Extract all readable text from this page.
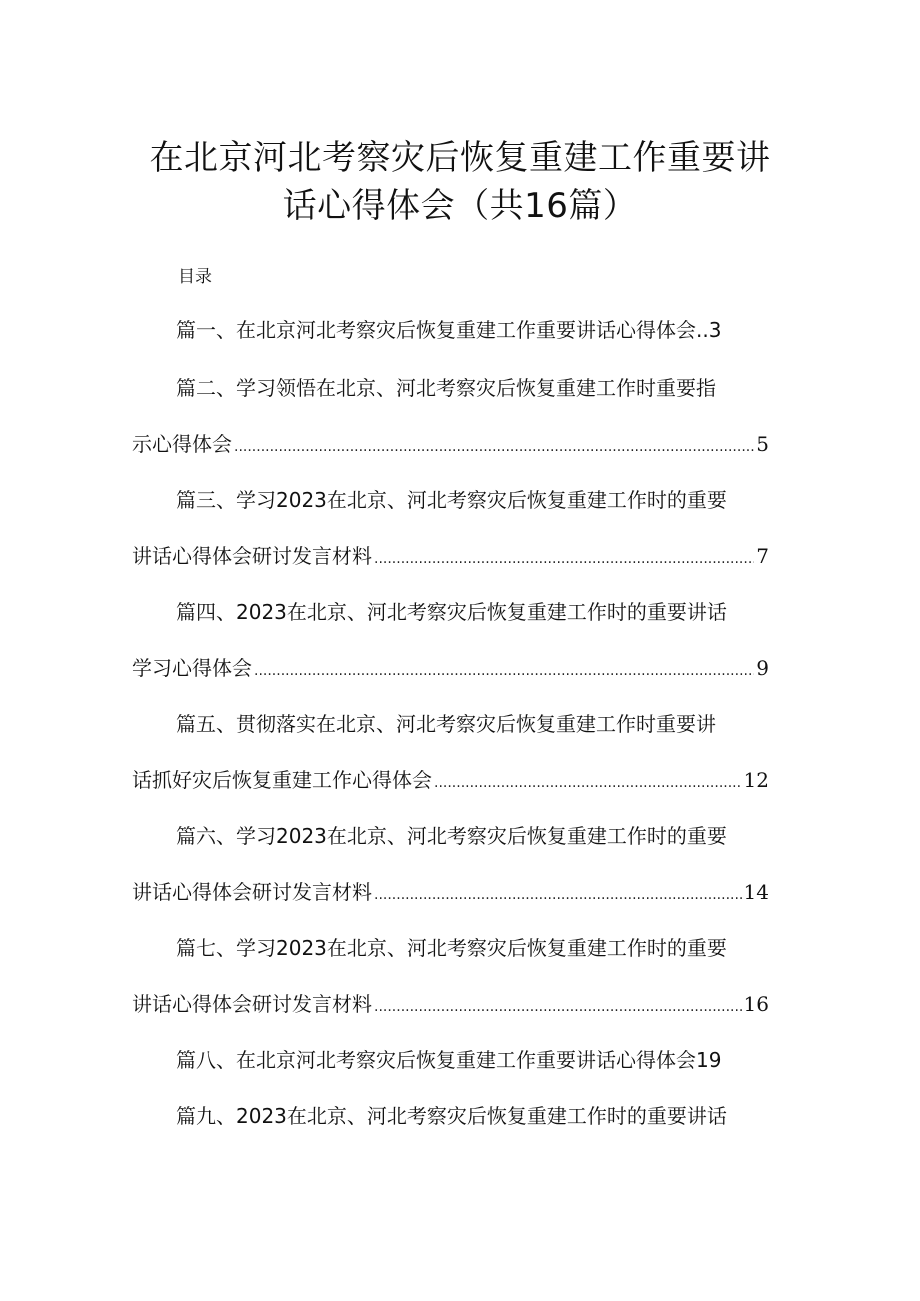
在北京河北考察灾后恢复重建工作重要讲
话心得体会（共16篇）
目录
篇一、在北京河北考察灾后恢复重建工作重要讲话心得体会..3
篇二、学习领悟在北京、河北考察灾后恢复重建工作时重要指
示心得体会 .....	5
篇三、学习2023在北京、河北考察灾后恢复重建工作时的重要
讲话心得体会研讨发言材料 .....	7
篇四、2023在北京、河北考察灾后恢复重建工作时的重要讲话
学习心得体会 .....	9
篇五、贯彻落实在北京、河北考察灾后恢复重建工作时重要讲
话抓好灾后恢复重建工作心得体会 .....	12
篇六、学习2023在北京、河北考察灾后恢复重建工作时的重要
讲话心得体会研讨发言材料 .....	14
篇七、学习2023在北京、河北考察灾后恢复重建工作时的重要
讲话心得体会研讨发言材料 .....	16
篇八、在北京河北考察灾后恢复重建工作重要讲话心得体会19
篇九、2023在北京、河北考察灾后恢复重建工作时的重要讲话
